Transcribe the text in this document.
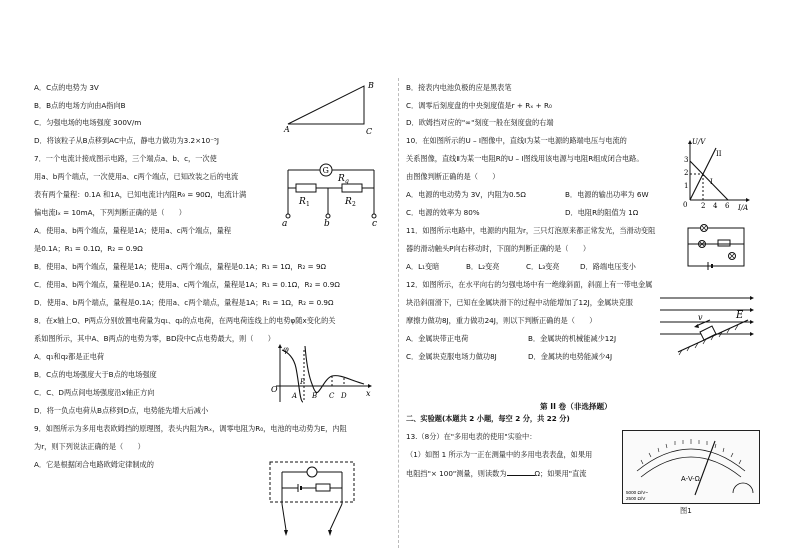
A．C点的电势为 3V
B．B点的电场方向由A指向B
C．匀强电场的电场强度 300V/m
D．将该粒子从B点移到AC中点，静电力做功为3.2×10⁻⁵J
A
B
C
7．一个电流计接成图示电路，三个端点a、b、c，一次使
用a、b两个端点，一次使用a、c两个端点，已知改装之后的电流
表有两个量程：0.1A 和1A，已知电流计内阻R₉ = 90Ω，电流计满
偏电流Iₓ = 10mA，下列判断正确的是（　　）
G
R g
R 1	R 2
a	b	c
A．使用a、b两个端点，量程是1A；使用a、c两个端点，量程
是0.1A；R₁ = 0.1Ω，R₂ = 0.9Ω
B．使用a、b两个端点，量程是1A；使用a、c两个端点，量程是0.1A；R₁ = 1Ω，R₂ = 9Ω
C．使用a、b两个端点，量程是0.1A；使用a、c两个端点，量程是1A；R₁ = 0.1Ω，R₂ = 0.9Ω
D．使用a、b两个端点，量程是0.1A；使用a、c两个端点，量程是1A；R₁ = 1Ω，R₂ = 0.9Ω
8．在x轴上O、P两点分别放置电荷量为q₁、q₂的点电荷，在两电荷连线上的电势φ随x变化的关
系如图所示，其中A、B两点的电势为零，BD段中C点电势最大，则（　　）
A．q₁和q₂都是正电荷
B．C点的电场强度大于B点的电场强度
C．C、D两点间电场强度沿x轴正方向
D．将一负点电荷从B点移到D点，电势能先增大后减小
φ
O	x
P
A B C D
9．如图所示为多用电表欧姆挡的原理图，表头内阻为Rₓ，调零电阻为R₀，电池的电动势为E，内阻
为r，则下列说法正确的是（　　）
A．它是根据闭合电路欧姆定律制成的
B．接表内电池负极的应是黑表笔
C．调零后刻度盘的中央刻度值是r + Rₓ + R₀
D．欧姆挡对应的"∞"刻度一般在刻度盘的右端
10．在如图所示的U – I图像中，直线Ⅰ为某一电源的路端电压与电流的
关系图像，直线Ⅱ为某一电阻R的U – I图线用该电源与电阻R组成闭合电路。
由图像判断正确的是（　　）
A．电源的电动势为 3V，内阻为0.5Ω	B．电源的输出功率为 6W
C．电源的效率为 80%	D．电阻R的阻值为 1Ω
U/V
I/A
0
1
2
3
2 4 6
II
I
11．如图所示电路中，电源的内阻为r，三只灯泡原来都正常发光，当滑动变阻
器的滑动触头P向右移动时，下面的判断正确的是（　　）
A．L₁变暗	B．L₂变亮	C．L₃变亮	D．路端电压变小
12．如图所示，在水平向右的匀强电场中有一绝缘斜面，斜面上有一带电金属
块沿斜面滑下，已知在金属块滑下的过程中动能增加了12J，金属块克服
摩擦力做功8J，重力做功24J，则以下判断正确的是（　　）
A．金属块带正电荷	B．金属块的机械能减少12J
C．金属块克服电场力做功8J	D．金属块的电势能减少4J
E
v
第 II 卷（非选择题）
二、实验题(本题共 2 小题，每空 2 分，共 22 分)
13.（8分）在"多用电表的使用"实验中：
（1）如图 1 所示为一正在测量中的多用电表表盘，如果用
电阻挡"× 100"测量，则读数为	Ω；如果用"直流
A-V-Ω
5000 Ω/V~
2500 Ω/V
图1
